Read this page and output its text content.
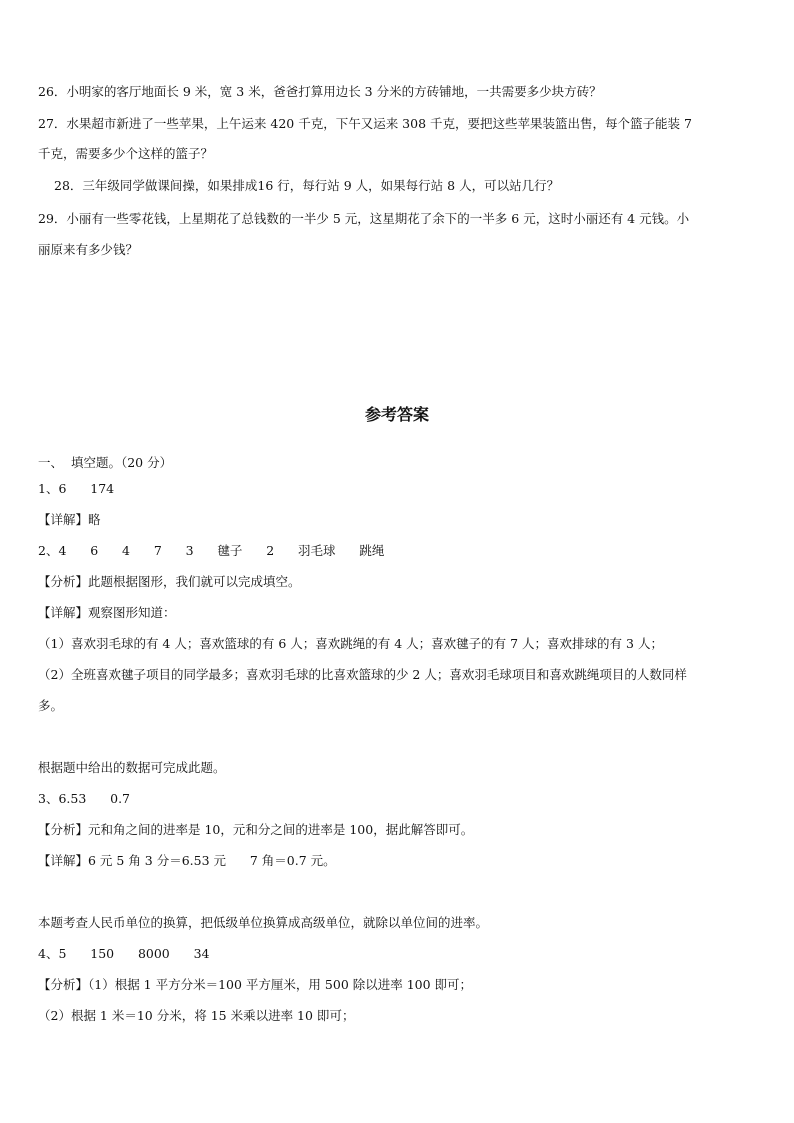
26．小明家的客厅地面长 9 米，宽 3 米，爸爸打算用边长 3 分米的方砖铺地，一共需要多少块方砖？
27．水果超市新进了一些苹果，上午运来 420 千克，下午又运来 308 千克，要把这些苹果装篮出售，每个篮子能装 7
千克，需要多少个这样的篮子？
28．三年级同学做课间操，如果排成16 行，每行站 9 人，如果每行站 8 人，可以站几行？
29．小丽有一些零花钱，上星期花了总钱数的一半少 5 元，这星期花了余下的一半多 6 元，这时小丽还有 4 元钱。小
丽原来有多少钱？
参考答案
一、  填空题。（20 分）
1、6      174
【详解】略
2、4      6      4      7      3      毽子      2      羽毛球      跳绳
【分析】此题根据图形，我们就可以完成填空。
【详解】观察图形知道：
（1）喜欢羽毛球的有 4 人；喜欢篮球的有 6 人；喜欢跳绳的有 4 人；喜欢毽子的有 7 人；喜欢排球的有 3 人；
（2）全班喜欢毽子项目的同学最多；喜欢羽毛球的比喜欢篮球的少 2 人；喜欢羽毛球项目和喜欢跳绳项目的人数同样
多。
根据题中给出的数据可完成此题。
3、6.53      0.7
【分析】元和角之间的进率是 10，元和分之间的进率是 100，据此解答即可。
【详解】6 元 5 角 3 分＝6.53 元      7 角＝0.7 元。
本题考查人民币单位的换算，把低级单位换算成高级单位，就除以单位间的进率。
4、5      150      8000      34
【分析】（1）根据 1 平方分米＝100 平方厘米，用 500 除以进率 100 即可；
（2）根据 1 米＝10 分米，将 15 米乘以进率 10 即可；
